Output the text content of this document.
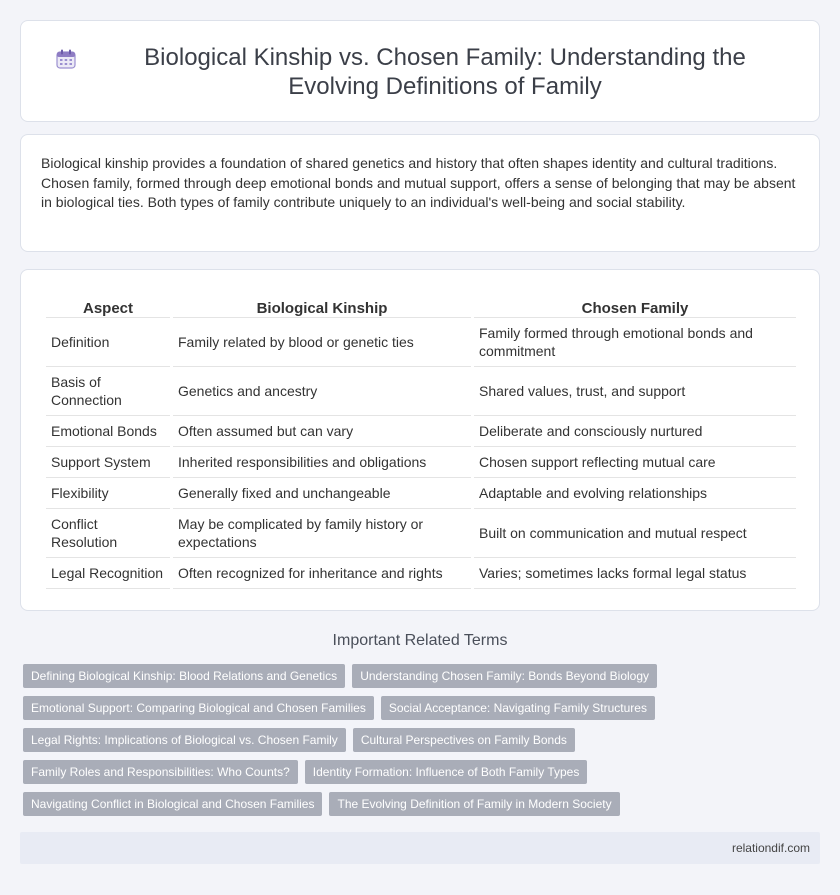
Biological Kinship vs. Chosen Family: Understanding the Evolving Definitions of Family

Biological kinship provides a foundation of shared genetics and history that often shapes identity and cultural traditions. Chosen family, formed through deep emotional bonds and mutual support, offers a sense of belonging that may be absent in biological ties. Both types of family contribute uniquely to an individual's well-being and social stability.

Aspect	Biological Kinship	Chosen Family
Definition	Family related by blood or genetic ties	Family formed through emotional bonds and commitment
Basis of Connection	Genetics and ancestry	Shared values, trust, and support
Emotional Bonds	Often assumed but can vary	Deliberate and consciously nurtured
Support System	Inherited responsibilities and obligations	Chosen support reflecting mutual care
Flexibility	Generally fixed and unchangeable	Adaptable and evolving relationships
Conflict Resolution	May be complicated by family history or expectations	Built on communication and mutual respect
Legal Recognition	Often recognized for inheritance and rights	Varies; sometimes lacks formal legal status
Important Related Terms
Defining Biological Kinship: Blood Relations and Genetics	Understanding Chosen Family: Bonds Beyond Biology
Emotional Support: Comparing Biological and Chosen Families	Social Acceptance: Navigating Family Structures
Legal Rights: Implications of Biological vs. Chosen Family	Cultural Perspectives on Family Bonds
Family Roles and Responsibilities: Who Counts?	Identity Formation: Influence of Both Family Types
Navigating Conflict in Biological and Chosen Families	The Evolving Definition of Family in Modern Society
relationdif.com
